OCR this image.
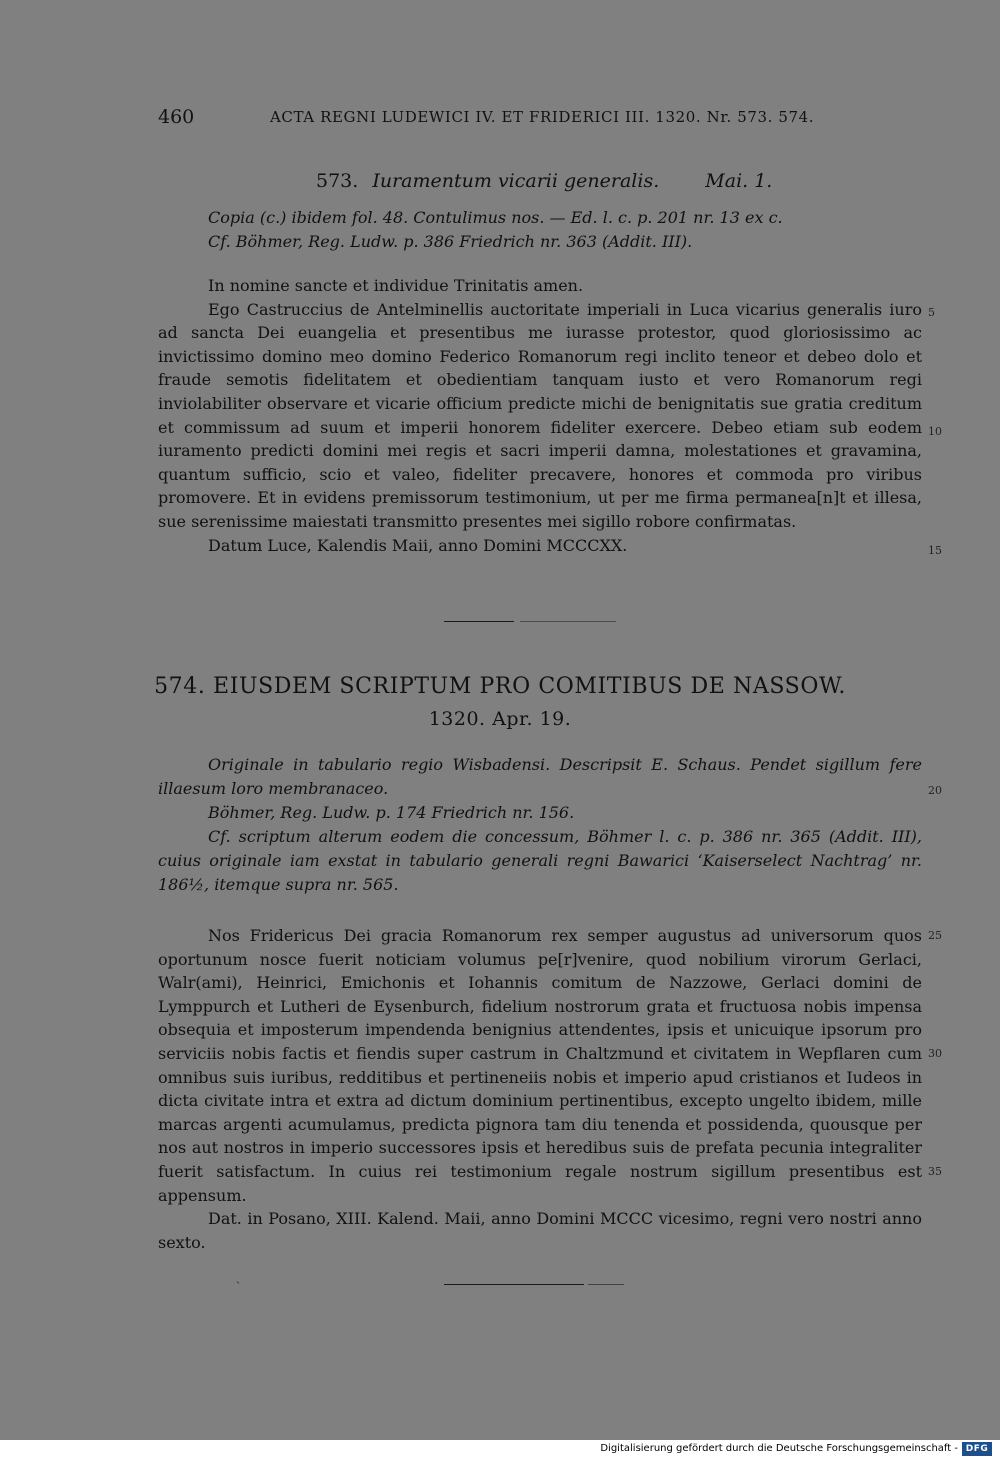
460	ACTA REGNI LUDEWICI IV. ET FRIDERICI III. 1320. Nr. 573. 574.
573. Iuramentum vicarii generalis. Mai. 1.
Copia (c.) ibidem fol. 48. Contulimus nos. — Ed. l. c. p. 201 nr. 13 ex c.
Cf. Böhmer, Reg. Ludw. p. 386 Friedrich nr. 363 (Addit. III).

In nomine sancte et individue Trinitatis amen.

Ego Castruccius de Antelminellis auctoritate imperiali in Luca vicarius generalis iuro ad sancta Dei euangelia et presentibus me iurasse protestor, quod gloriosissimo ac invictissimo domino meo domino Federico Romanorum regi inclito teneor et debeo dolo et fraude semotis fidelitatem et obedientiam tanquam iusto et vero Romanorum regi inviolabiliter observare et vicarie officium predicte michi de benignitatis sue gratia creditum et commissum ad suum et imperii honorem fideliter exercere. Debeo etiam sub eodem iuramento predicti domini mei regis et sacri imperii damna, molestationes et gravamina, quantum sufficio, scio et valeo, fideliter precavere, honores et commoda pro viribus promovere. Et in evidens premissorum testimonium, ut per me firma permanea[n]t et illesa, sue serenissime maiestati transmitto presentes mei sigillo robore confirmatas.

Datum Luce, Kalendis Maii, anno Domini MCCCXX.

574. EIUSDEM SCRIPTUM PRO COMITIBUS DE NASSOW.
1320. Apr. 19.
Originale in tabulario regio Wisbadensi. Descripsit E. Schaus. Pendet sigillum fere illaesum loro membranaceo.
Böhmer, Reg. Ludw. p. 174 Friedrich nr. 156.
Cf. scriptum alterum eodem die concessum, Böhmer l. c. p. 386 nr. 365 (Addit. III), cuius originale iam exstat in tabulario generali regni Bawarici ‘Kaiserselect Nachtrag’ nr. 186½, itemque supra nr. 565.

Nos Fridericus Dei gracia Romanorum rex semper augustus ad universorum quos oportunum nosce fuerit noticiam volumus pe[r]venire, quod nobilium virorum Gerlaci, Walr(ami), Heinrici, Emichonis et Iohannis comitum de Nazzowe, Gerlaci domini de Lymppurch et Lutheri de Eysenburch, fidelium nostrorum grata et fructuosa nobis impensa obsequia et imposterum impendenda benignius attendentes, ipsis et unicuique ipsorum pro serviciis nobis factis et fiendis super castrum in Chaltzmund et civitatem in Wepflaren cum omnibus suis iuribus, redditibus et pertineneiis nobis et imperio apud cristianos et Iudeos in dicta civitate intra et extra ad dictum dominium pertinentibus, excepto ungelto ibidem, mille marcas argenti acumulamus, predicta pignora tam diu tenenda et possidenda, quousque per nos aut nostros in imperio successores ipsis et heredibus suis de prefata pecunia integraliter fuerit satisfactum. In cuius rei testimonium regale nostrum sigillum presentibus est appensum.

Dat. in Posano, XIII. Kalend. Maii, anno Domini MCCC vicesimo, regni vero nostri anno sexto.

ˏ
5
10
15
20
25
30
35
Digitalisierung gefördert durch die Deutsche Forschungsgemeinschaft - DFG
